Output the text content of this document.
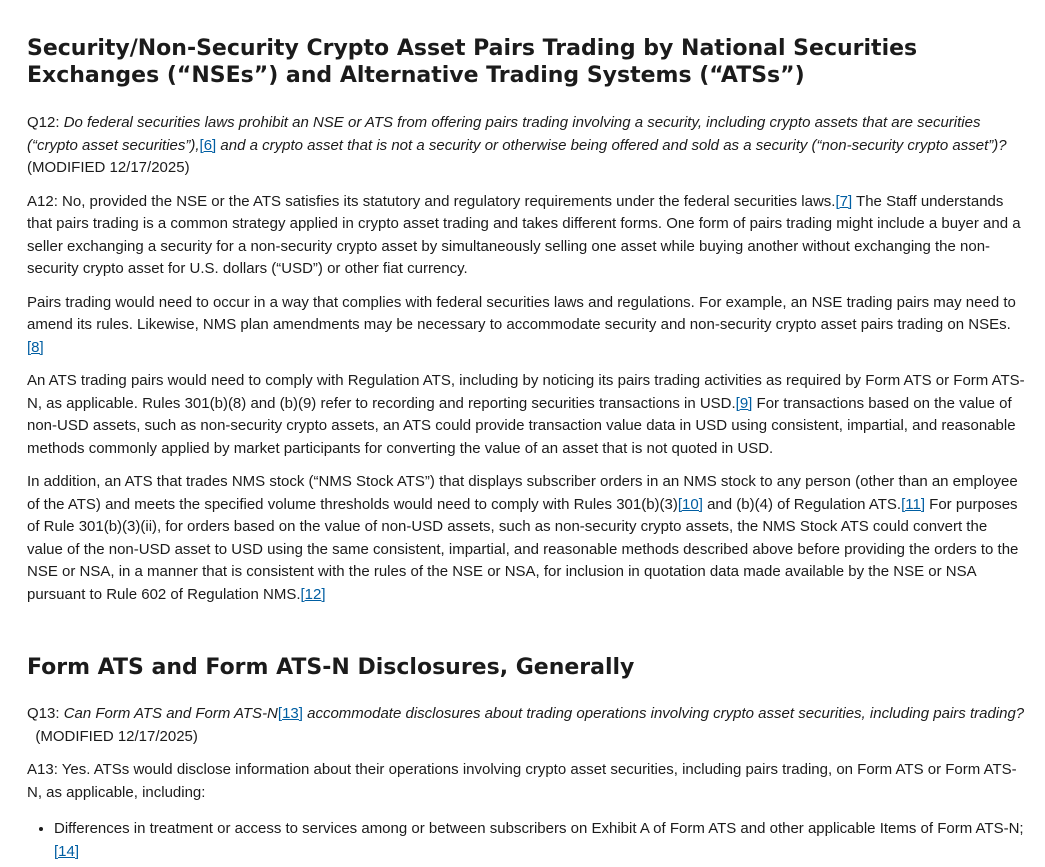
Security/Non-Security Crypto Asset Pairs Trading by National Securities Exchanges (“NSEs”) and Alternative Trading Systems (“ATSs”)

Q12: Do federal securities laws prohibit an NSE or ATS from offering pairs trading involving a security, including crypto assets that are securities (“crypto asset securities”),[6] and a crypto asset that is not a security or otherwise being offered and sold as a security (“non-security crypto asset”)? (MODIFIED 12/17/2025)

A12: No, provided the NSE or the ATS satisfies its statutory and regulatory requirements under the federal securities laws.[7] The Staff understands that pairs trading is a common strategy applied in crypto asset trading and takes different forms. One form of pairs trading might include a buyer and a seller exchanging a security for a non-security crypto asset by simultaneously selling one asset while buying another without exchanging the non-security crypto asset for U.S. dollars (“USD”) or other fiat currency.

Pairs trading would need to occur in a way that complies with federal securities laws and regulations. For example, an NSE trading pairs may need to amend its rules. Likewise, NMS plan amendments may be necessary to accommodate security and non-security crypto asset pairs trading on NSEs.[8]

An ATS trading pairs would need to comply with Regulation ATS, including by noticing its pairs trading activities as required by Form ATS or Form ATS-N, as applicable. Rules 301(b)(8) and (b)(9) refer to recording and reporting securities transactions in USD.[9] For transactions based on the value of non-USD assets, such as non-security crypto assets, an ATS could provide transaction value data in USD using consistent, impartial, and reasonable methods commonly applied by market participants for converting the value of an asset that is not quoted in USD.

In addition, an ATS that trades NMS stock (“NMS Stock ATS”) that displays subscriber orders in an NMS stock to any person (other than an employee of the ATS) and meets the specified volume thresholds would need to comply with Rules 301(b)(3)[10] and (b)(4) of Regulation ATS.[11] For purposes of Rule 301(b)(3)(ii), for orders based on the value of non-USD assets, such as non-security crypto assets, the NMS Stock ATS could convert the value of the non-USD asset to USD using the same consistent, impartial, and reasonable methods described above before providing the orders to the NSE or NSA, in a manner that is consistent with the rules of the NSE or NSA, for inclusion in quotation data made available by the NSE or NSA pursuant to Rule 602 of Regulation NMS.[12]

Form ATS and Form ATS-N Disclosures, Generally

Q13: Can Form ATS and Form ATS-N[13] accommodate disclosures about trading operations involving crypto asset securities, including pairs trading?  (MODIFIED 12/17/2025)

A13: Yes. ATSs would disclose information about their operations involving crypto asset securities, including pairs trading, on Form ATS or Form ATS-N, as applicable, including:

• Differences in treatment or access to services among or between subscribers on Exhibit A of Form ATS and other applicable Items of Form ATS-N;[14]
